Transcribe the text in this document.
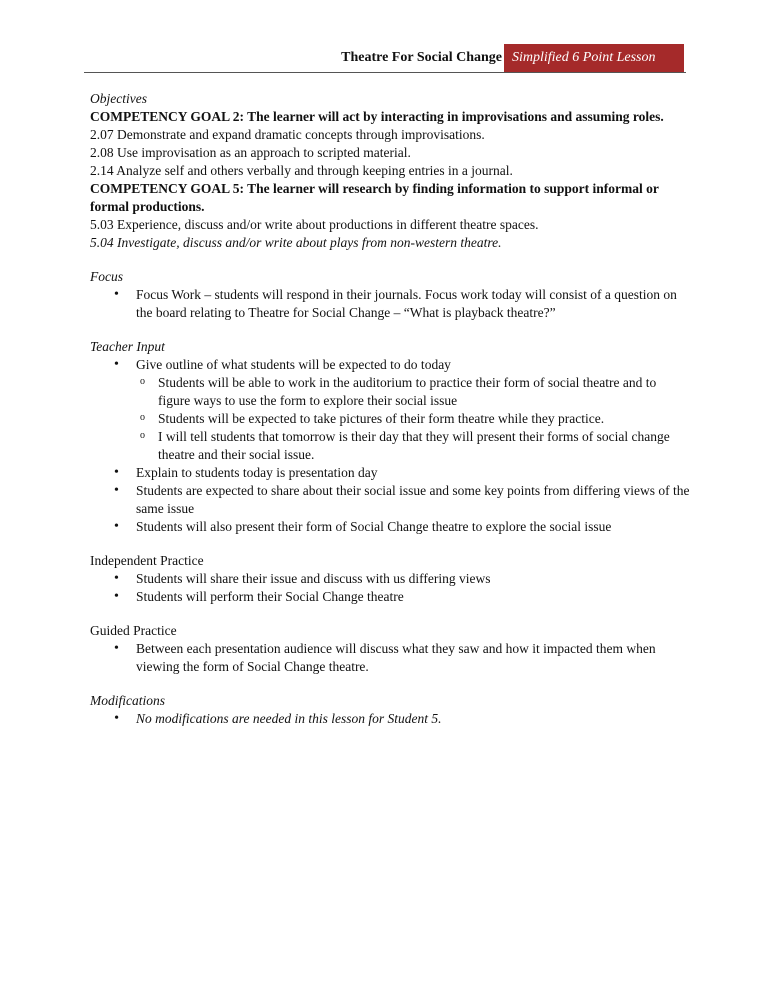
Theatre For Social Change Simplified 6 Point Lesson

Objectives

COMPETENCY GOAL 2: The learner will act by interacting in improvisations and assuming roles.

2.07 Demonstrate and expand dramatic concepts through improvisations.

2.08 Use improvisation as an approach to scripted material.

2.14 Analyze self and others verbally and through keeping entries in a journal.

COMPETENCY GOAL 5: The learner will research by finding information to support informal or formal productions.

5.03 Experience, discuss and/or write about productions in different theatre spaces.

5.04 Investigate, discuss and/or write about plays from non-western theatre.

Focus

• Focus Work – students will respond in their journals. Focus work today will consist of a question on the board relating to Theatre for Social Change – “What is playback theatre?”

Teacher Input

• Give outline of what students will be expected to do today
o Students will be able to work in the auditorium to practice their form of social theatre and to figure ways to use the form to explore their social issue
o Students will be expected to take pictures of their form theatre while they practice.
o I will tell students that tomorrow is their day that they will present their forms of social change theatre and their social issue.
• Explain to students today is presentation day
• Students are expected to share about their social issue and some key points from differing views of the same issue
• Students will also present their form of Social Change theatre to explore the social issue

Independent Practice

• Students will share their issue and discuss with us differing views
• Students will perform their Social Change theatre

Guided Practice

• Between each presentation audience will discuss what they saw and how it impacted them when viewing the form of Social Change theatre.

Modifications

• No modifications are needed in this lesson for Student 5.
